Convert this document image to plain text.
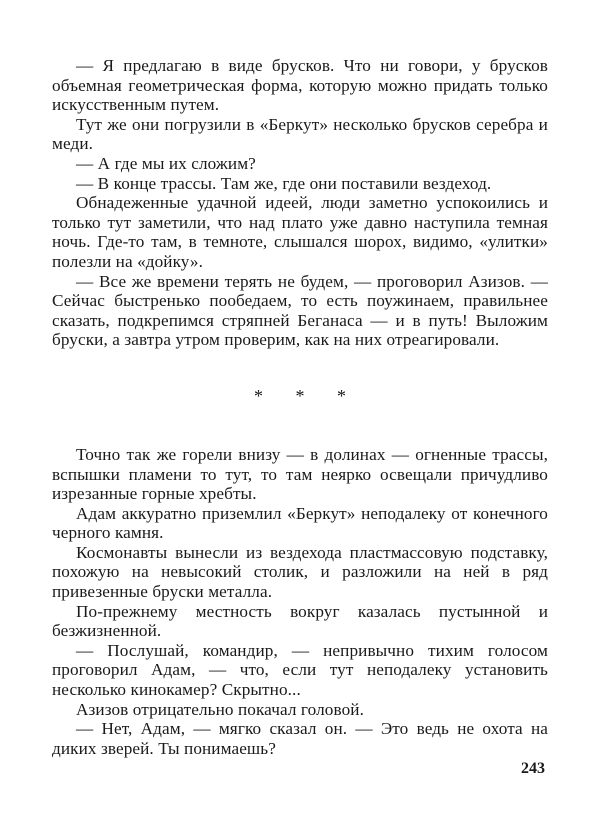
— Я предлагаю в виде брусков. Что ни говори, у брусков объемная геометрическая форма, которую можно придать только искусственным путем.

Тут же они погрузили в «Беркут» несколько брусков серебра и меди.

— А где мы их сложим?

— В конце трассы. Там же, где они поставили вездеход.

Обнадеженные удачной идеей, люди заметно успокоились и только тут заметили, что над плато уже давно наступила темная ночь. Где-то там, в темноте, слышался шорох, видимо, «улитки» полезли на «дойку».

— Все же времени терять не будем, — проговорил Азизов. — Сейчас быстренько пообедаем, то есть поужинаем, правильнее сказать, подкрепимся стряпней Беганаса — и в путь! Выложим бруски, а завтра утром проверим, как на них отреагировали.

* * *

Точно так же горели внизу — в долинах — огненные трассы, вспышки пламени то тут, то там неярко освещали причудливо изрезанные горные хребты.

Адам аккуратно приземлил «Беркут» неподалеку от конечного черного камня.

Космонавты вынесли из вездехода пластмассовую подставку, похожую на невысокий столик, и разложили на ней в ряд привезенные бруски металла.

По-прежнему местность вокруг казалась пустынной и безжизненной.

— Послушай, командир, — непривычно тихим голосом проговорил Адам, — что, если тут неподалеку установить несколько кинокамер? Скрытно...

Азизов отрицательно покачал головой.

— Нет, Адам, — мягко сказал он. — Это ведь не охота на диких зверей. Ты понимаешь?

243
